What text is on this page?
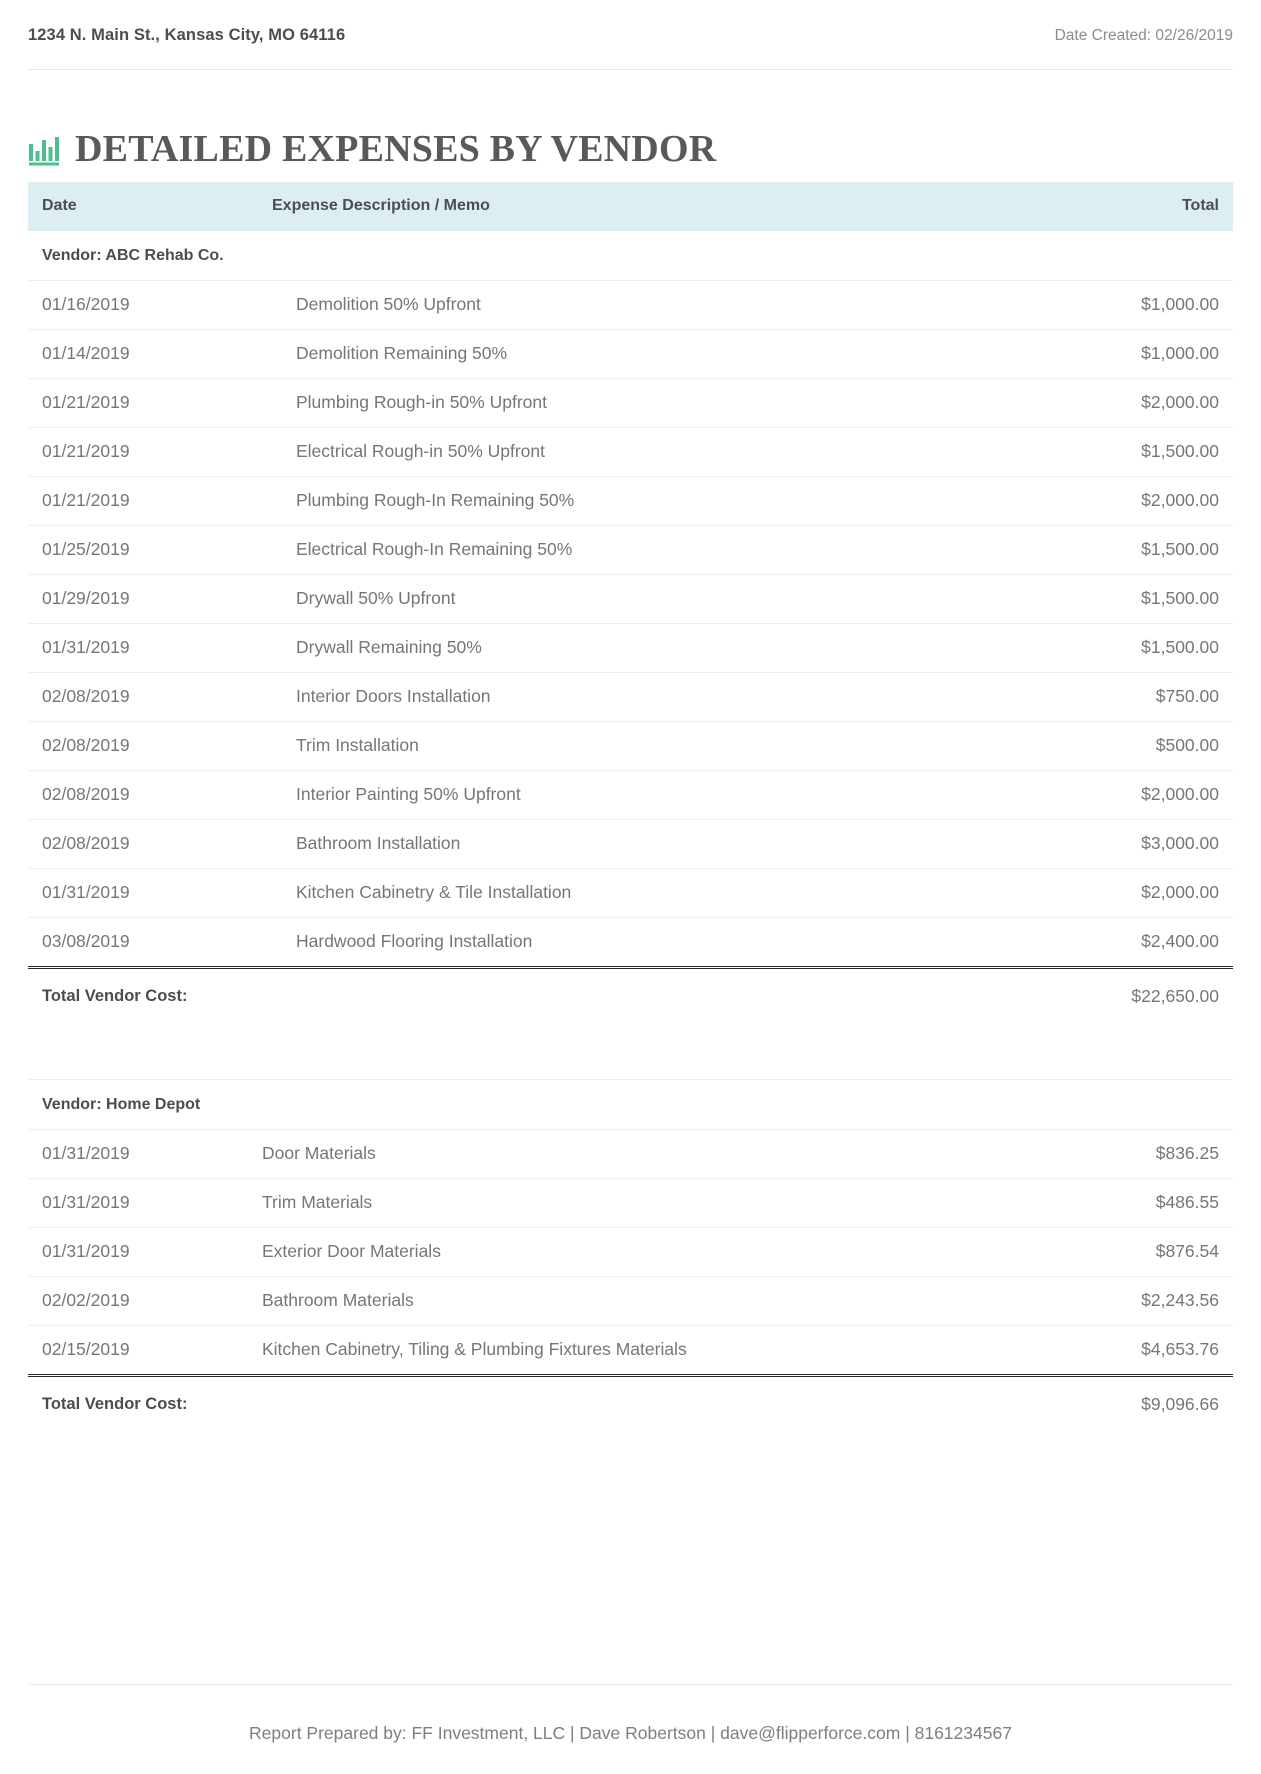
1234 N. Main St., Kansas City, MO 64116	Date Created: 02/26/2019
DETAILED EXPENSES BY VENDOR
Date	Expense Description / Memo	Total
Vendor: ABC Rehab Co.		
01/16/2019	Demolition 50% Upfront	$1,000.00
01/14/2019	Demolition Remaining 50%	$1,000.00
01/21/2019	Plumbing Rough-in 50% Upfront	$2,000.00
01/21/2019	Electrical Rough-in 50% Upfront	$1,500.00
01/21/2019	Plumbing Rough-In Remaining 50%	$2,000.00
01/25/2019	Electrical Rough-In Remaining 50%	$1,500.00
01/29/2019	Drywall 50% Upfront	$1,500.00
01/31/2019	Drywall Remaining 50%	$1,500.00
02/08/2019	Interior Doors Installation	$750.00
02/08/2019	Trim Installation	$500.00
02/08/2019	Interior Painting 50% Upfront	$2,000.00
02/08/2019	Bathroom Installation	$3,000.00
01/31/2019	Kitchen Cabinetry & Tile Installation	$2,000.00
03/08/2019	Hardwood Flooring Installation	$2,400.00
Total Vendor Cost:		$22,650.00

Vendor: Home Depot		
01/31/2019	Door Materials	$836.25
01/31/2019	Trim Materials	$486.55
01/31/2019	Exterior Door Materials	$876.54
02/02/2019	Bathroom Materials	$2,243.56
02/15/2019	Kitchen Cabinetry, Tiling & Plumbing Fixtures Materials	$4,653.76
Total Vendor Cost:		$9,096.66
Report Prepared by: FF Investment, LLC | Dave Robertson | dave@flipperforce.com | 8161234567
